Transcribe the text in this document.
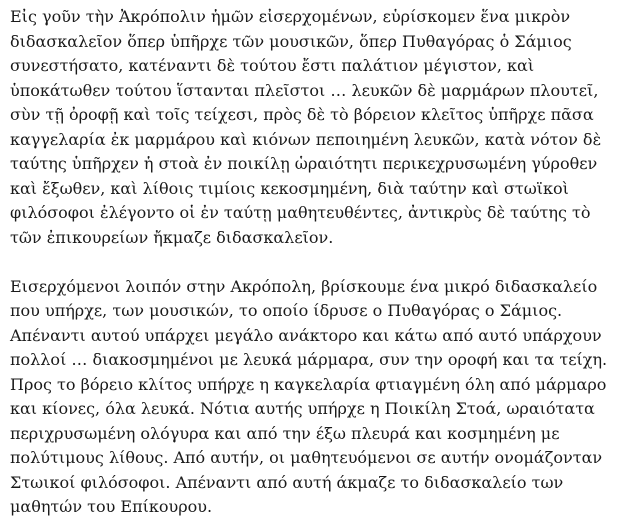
Εἰς γοῦν τὴν Ἀκρόπολιν ἡμῶν εἰσερχομένων, εὑρίσκομεν ἕνα μικρὸν
διδασκαλεῖον ὅπερ ὑπῆρχε τῶν μουσικῶν, ὅπερ Πυθαγόρας ὁ Σάμιος
συνεστήσατο, κατέναντι δὲ τούτου ἔστι παλάτιον μέγιστον, καὶ
ὑποκάτωθεν τούτου ἵστανται πλεῖστοι … λευκῶν δὲ μαρμάρων πλουτεῖ,
σὺν τῇ ὀροφῇ καὶ τοῖς τείχεσι, πρὸς δὲ τὸ βόρειον κλεῖτος ὑπῆρχε πᾶσα
καγγελαρία ἐκ μαρμάρου καὶ κιόνων πεποιημένη λευκῶν, κατὰ νότον δὲ
ταύτης ὑπῆρχεν ἡ στοὰ ἐν ποικίλῃ ὡραιότητι περικεχρυσωμένη γύροθεν
καὶ ἔξωθεν, καὶ λίθοις τιμίοις κεκοσμημένη, διὰ ταύτην καὶ στωϊκοὶ
φιλόσοφοι ἐλέγοντο οἱ ἐν ταύτῃ μαθητευθέντες, ἀντικρὺς δὲ ταύτης τὸ
τῶν ἐπικουρείων ἤκμαζε διδασκαλεῖον.
Εισερχόμενοι λοιπόν στην Ακρόπολη, βρίσκουμε ένα μικρό διδασκαλείο
που υπήρχε, των μουσικών, το οποίο ίδρυσε ο Πυθαγόρας ο Σάμιος.
Απέναντι αυτού υπάρχει μεγάλο ανάκτορο και κάτω από αυτό υπάρχουν
πολλοί … διακοσμημένοι με λευκά μάρμαρα, συν την οροφή και τα τείχη.
Προς το βόρειο κλίτος υπήρχε η καγκελαρία φτιαγμένη όλη από μάρμαρο
και κίονες, όλα λευκά. Νότια αυτής υπήρχε η Ποικίλη Στοά, ωραιότατα
περιχρυσωμένη ολόγυρα και από την έξω πλευρά και κοσμημένη με
πολύτιμους λίθους. Από αυτήν, οι μαθητευόμενοι σε αυτήν ονομάζονταν
Στωικοί φιλόσοφοι. Απέναντι από αυτή άκμαζε το διδασκαλείο των
μαθητών του Επίκουρου.
